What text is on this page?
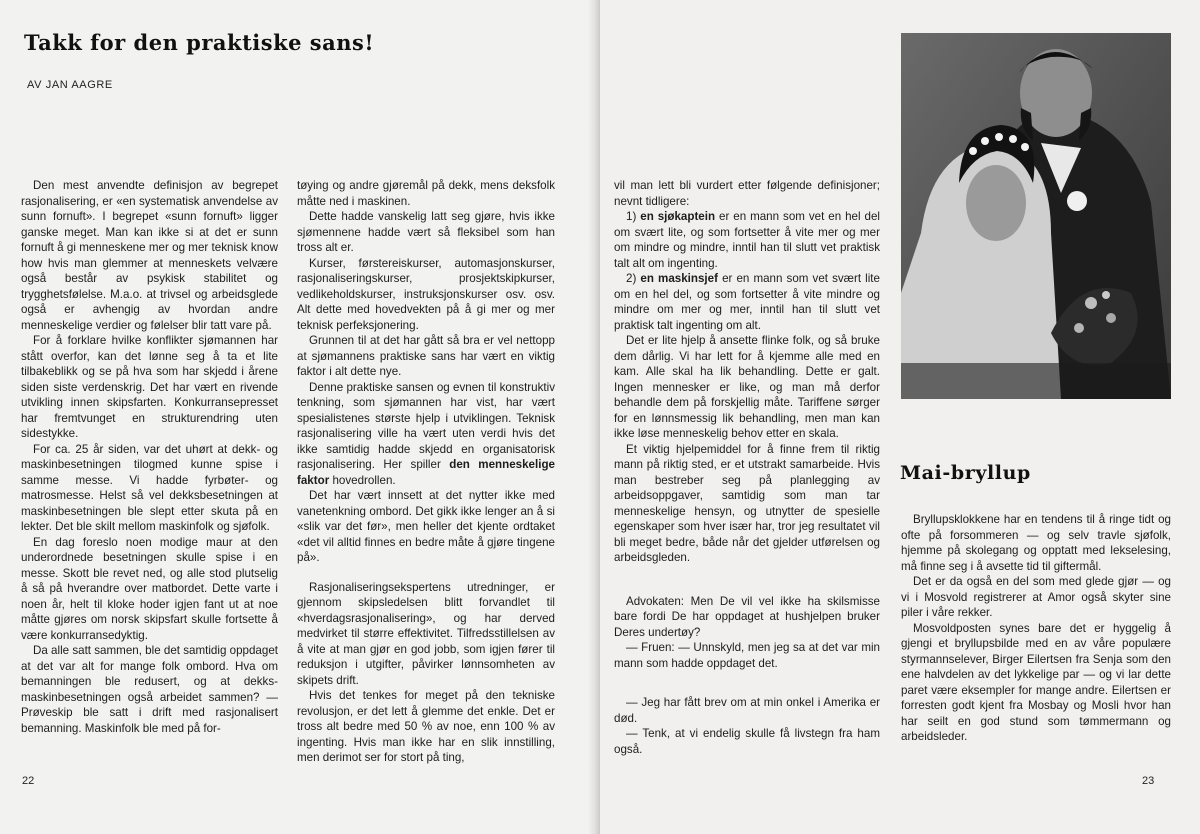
Takk for den praktiske sans!
AV JAN AAGRE

Den mest anvendte definisjon av begrepet rasjonalisering, er «en systematisk anvendelse av sunn fornuft». I begrepet «sunn fornuft» ligger ganske meget. Man kan ikke si at det er sunn fornuft å gi menneskene mer og mer teknisk know how hvis man glemmer at menneskets velvære også består av psykisk stabilitet og trygghetsfølelse. M.a.o. at trivsel og arbeidsglede også er avhengig av hvordan andre menneskelige verdier og følelser blir tatt vare på.

For å forklare hvilke konflikter sjømannen har stått overfor, kan det lønne seg å ta et lite tilbakeblikk og se på hva som har skjedd i årene siden siste verdenskrig. Det har vært en rivende utvikling innen skipsfarten. Konkurransepresset har fremtvunget en strukturendring uten sidestykke.

For ca. 25 år siden, var det uhørt at dekk- og maskinbesetningen tilogmed kunne spise i samme messe. Vi hadde fyrbøter- og matrosmesse. Helst så vel dekksbesetningen at maskinbesetningen ble slept etter skuta på en lekter. Det ble skilt mellom maskinfolk og sjøfolk.

En dag foreslo noen modige maur at den underordnede besetningen skulle spise i en messe. Skott ble revet ned, og alle stod plutselig å så på hverandre over matbordet. Dette varte i noen år, helt til kloke hoder igjen fant ut at noe måtte gjøres om norsk skipsfart skulle fortsette å være konkurransedyktig.

Da alle satt sammen, ble det samtidig oppdaget at det var alt for mange folk ombord. Hva om bemanningen ble redusert, og at dekks- maskinbesetningen også arbeidet sammen? — Prøveskip ble satt i drift med rasjonalisert bemanning. Maskinfolk ble med på for-

tøying og andre gjøremål på dekk, mens deksfolk måtte ned i maskinen.

Dette hadde vanskelig latt seg gjøre, hvis ikke sjømennene hadde vært så fleksibel som han tross alt er.

Kurser, førstereiskurser, automasjonskurser, rasjonaliseringskurser, prosjektskipkurser, vedlikeholdskurser, instruksjonskurser osv. osv. Alt dette med hovedvekten på å gi mer og mer teknisk perfeksjonering.

Grunnen til at det har gått så bra er vel nettopp at sjømannens praktiske sans har vært en viktig faktor i alt dette nye.

Denne praktiske sansen og evnen til konstruktiv tenkning, som sjømannen har vist, har vært spesialistenes største hjelp i utviklingen. Teknisk rasjonalisering ville ha vært uten verdi hvis det ikke samtidig hadde skjedd en organisatorisk rasjonalisering. Her spiller den menneskelige faktor hovedrollen.

Det har vært innsett at det nytter ikke med vanetenkning ombord. Det gikk ikke lenger an å si «slik var det før», men heller det kjente ordtaket «det vil alltid finnes en bedre måte å gjøre tingene på».

Rasjonaliseringsekspertens utredninger, er gjennom skipsledelsen blitt forvandlet til «hverdagsrasjonalisering», og har derved medvirket til større effektivitet. Tilfredsstillelsen av å vite at man gjør en god jobb, som igjen fører til reduksjon i utgifter, påvirker lønnsomheten av skipets drift.

Hvis det tenkes for meget på den tekniske revolusjon, er det lett å glemme det enkle. Det er tross alt bedre med 50 % av noe, enn 100 % av ingenting. Hvis man ikke har en slik innstilling, men derimot ser for stort på ting,

22

vil man lett bli vurdert etter følgende definisjoner; nevnt tidligere:

1) en sjøkaptein er en mann som vet en hel del om svært lite, og som fortsetter å vite mer og mer om mindre og mindre, inntil han til slutt vet praktisk talt alt om ingenting.

2) en maskinsjef er en mann som vet svært lite om en hel del, og som fortsetter å vite mindre og mindre om mer og mer, inntil han til slutt vet praktisk talt ingenting om alt.

Det er lite hjelp å ansette flinke folk, og så bruke dem dårlig. Vi har lett for å kjemme alle med en kam. Alle skal ha lik behandling. Dette er galt. Ingen mennesker er like, og man må derfor behandle dem på forskjellig måte. Tariffene sørger for en lønnsmessig lik behandling, men man kan ikke løse menneskelig behov etter en skala.

Et viktig hjelpemiddel for å finne frem til riktig mann på riktig sted, er et utstrakt samarbeide. Hvis man bestreber seg på planlegging av arbeidsoppgaver, samtidig som man tar menneskelige hensyn, og utnytter de spesielle egenskaper som hver især har, tror jeg resultatet vil bli meget bedre, både når det gjelder utførelsen og arbeidsgleden.

Advokaten: Men De vil vel ikke ha skilsmisse bare fordi De har oppdaget at hushjelpen bruker Deres undertøy?

— Fruen: — Unnskyld, men jeg sa at det var min mann som hadde oppdaget det.

— Jeg har fått brev om at min onkel i Amerika er død.

— Tenk, at vi endelig skulle få livstegn fra ham også.

Mai-bryllup

Bryllupsklokkene har en tendens til å ringe tidt og ofte på forsommeren — og selv travle sjøfolk, hjemme på skolegang og opptatt med lekselesing, må finne seg i å avsette tid til giftermål.

Det er da også en del som med glede gjør — og vi i Mosvold registrerer at Amor også skyter sine piler i våre rekker.

Mosvoldposten synes bare det er hyggelig å gjengi et bryllupsbilde med en av våre populære styrmannselever, Birger Eilertsen fra Senja som den ene halvdelen av det lykkelige par — og vi lar dette paret være eksempler for mange andre. Eilertsen er forresten godt kjent fra Mosbay og Mosli hvor han har seilt en god stund som tømmermann og arbeidsleder.

23
